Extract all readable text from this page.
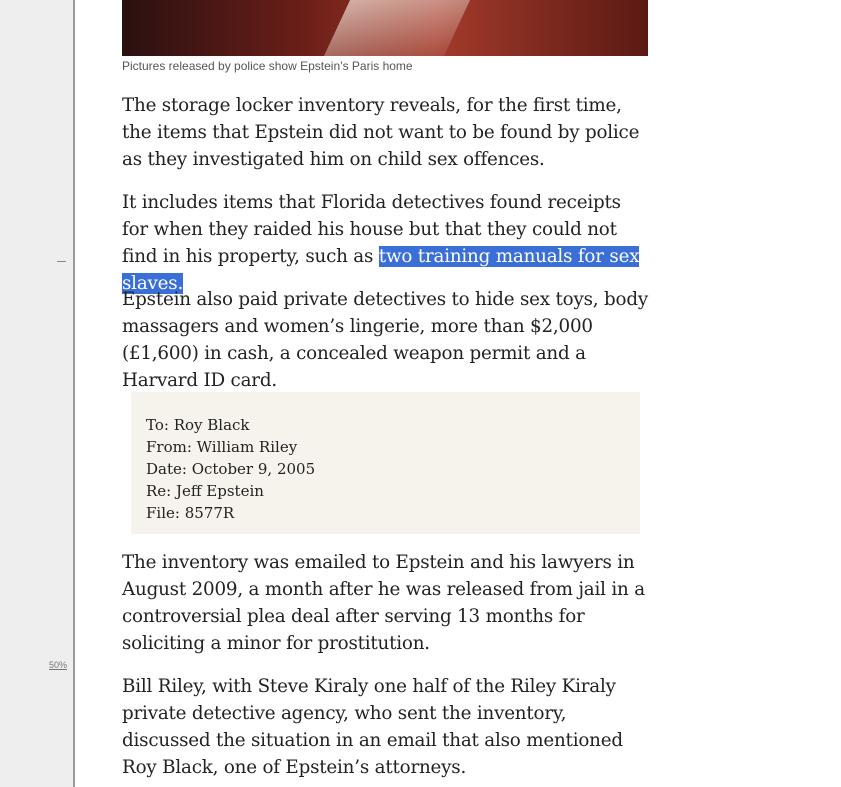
50%
Pictures released by police show Epstein’s Paris home

The storage locker inventory reveals, for the first time, the items that Epstein did not want to be found by police as they investigated him on child sex offences.

It includes items that Florida detectives found receipts for when they raided his house but that they could not find in his property, such as two training manuals for sex slaves.

Epstein also paid private detectives to hide sex toys, body massagers and women’s lingerie, more than $2,000 (£1,600) in cash, a concealed weapon permit and a Harvard ID card.

To: Roy Black
From: William Riley
Date: October 9, 2005
Re: Jeff Epstein
File: 8577R

The inventory was emailed to Epstein and his lawyers in August 2009, a month after he was released from jail in a controversial plea deal after serving 13 months for soliciting a minor for prostitution.

Bill Riley, with Steve Kiraly one half of the Riley Kiraly private detective agency, who sent the inventory, discussed the situation in an email that also mentioned Roy Black, one of Epstein’s attorneys.
